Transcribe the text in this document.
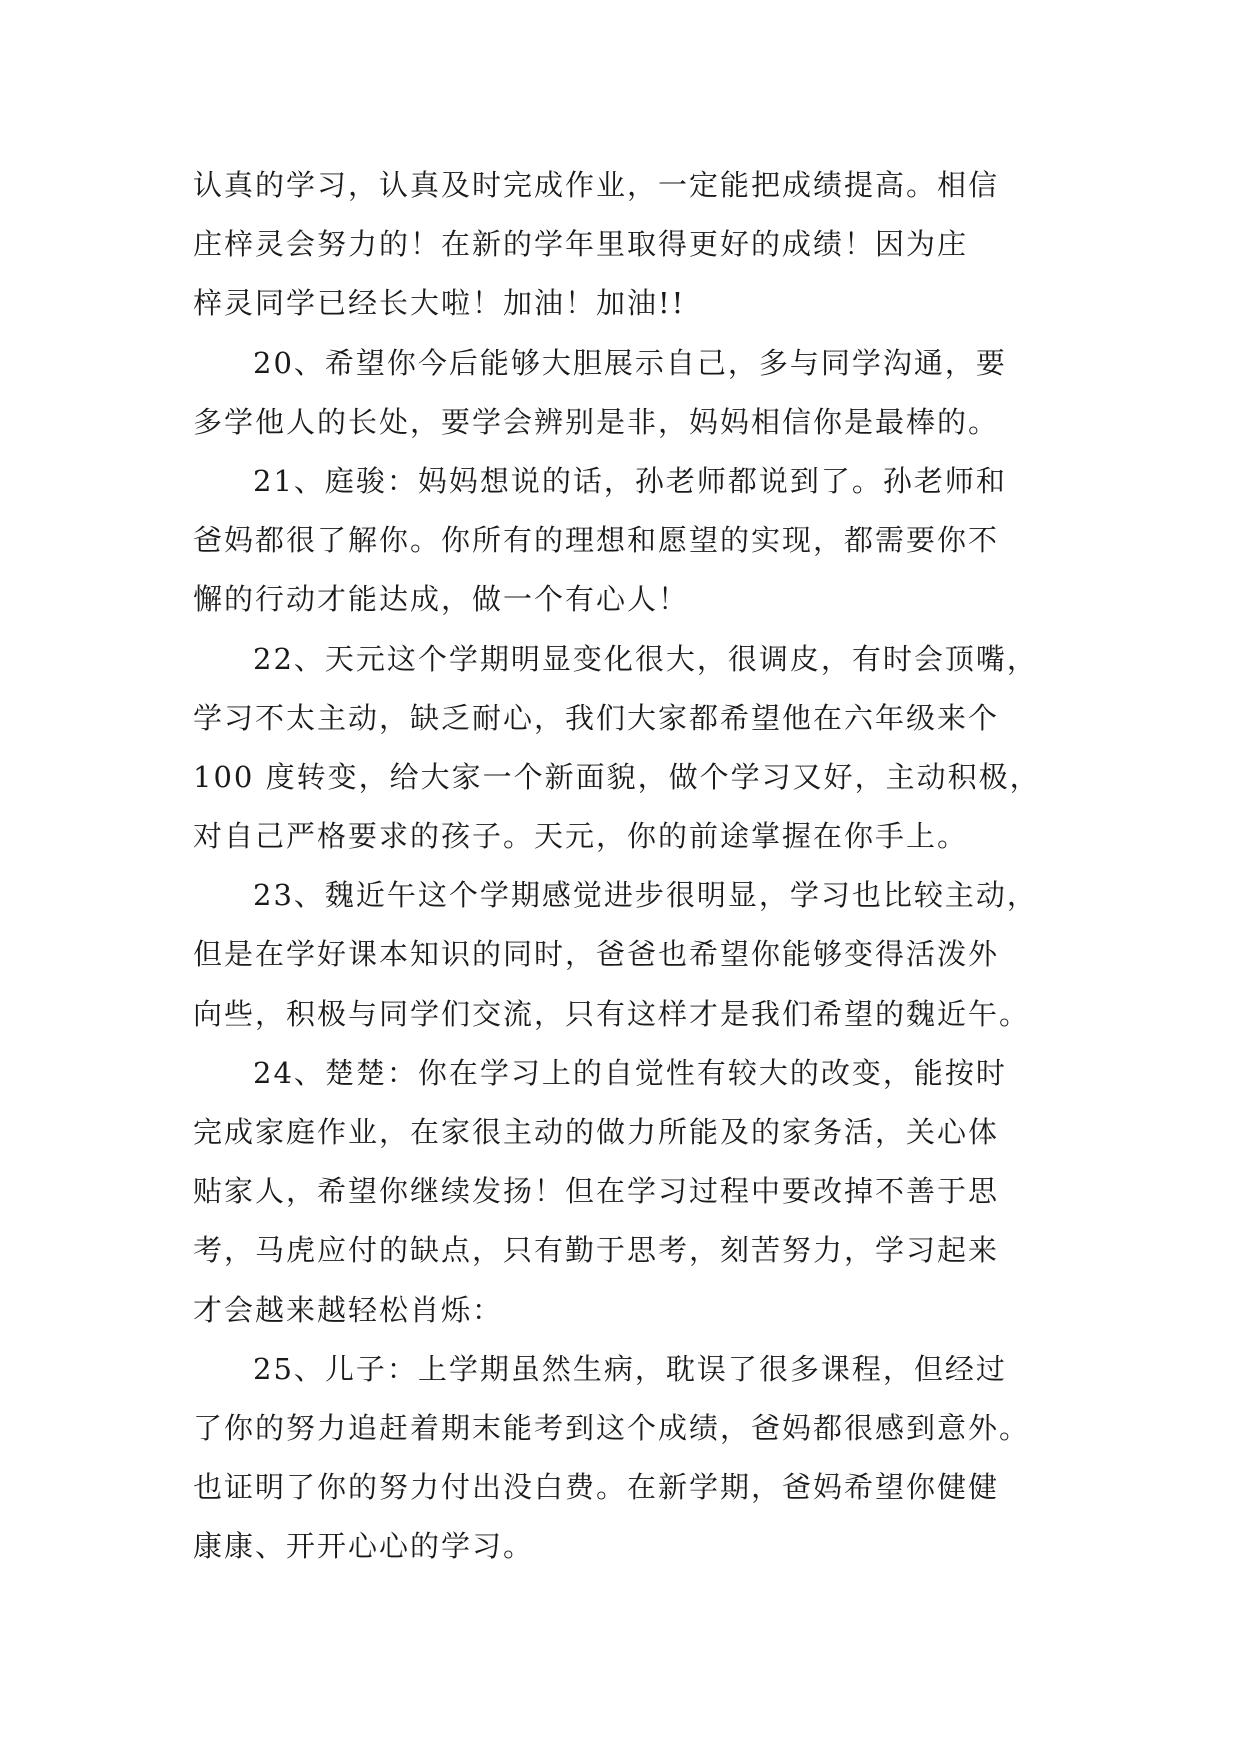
认真的学习，认真及时完成作业，一定能把成绩提高。相信
庄梓灵会努力的！在新的学年里取得更好的成绩！因为庄
梓灵同学已经长大啦！加油！加油!!
20、希望你今后能够大胆展示自己，多与同学沟通，要
多学他人的长处，要学会辨别是非，妈妈相信你是最棒的。
21、庭骏：妈妈想说的话，孙老师都说到了。孙老师和
爸妈都很了解你。你所有的理想和愿望的实现，都需要你不
懈的行动才能达成，做一个有心人！
22、天元这个学期明显变化很大，很调皮，有时会顶嘴，
学习不太主动，缺乏耐心，我们大家都希望他在六年级来个
100 度转变，给大家一个新面貌，做个学习又好，主动积极，
对自己严格要求的孩子。天元，你的前途掌握在你手上。
23、魏近午这个学期感觉进步很明显，学习也比较主动，
但是在学好课本知识的同时，爸爸也希望你能够变得活泼外
向些，积极与同学们交流，只有这样才是我们希望的魏近午。
24、楚楚：你在学习上的自觉性有较大的改变，能按时
完成家庭作业，在家很主动的做力所能及的家务活，关心体
贴家人，希望你继续发扬！但在学习过程中要改掉不善于思
考，马虎应付的缺点，只有勤于思考，刻苦努力，学习起来
才会越来越轻松肖烁：
25、儿子：上学期虽然生病，耽误了很多课程，但经过
了你的努力追赶着期末能考到这个成绩，爸妈都很感到意外。
也证明了你的努力付出没白费。在新学期，爸妈希望你健健
康康、开开心心的学习。
